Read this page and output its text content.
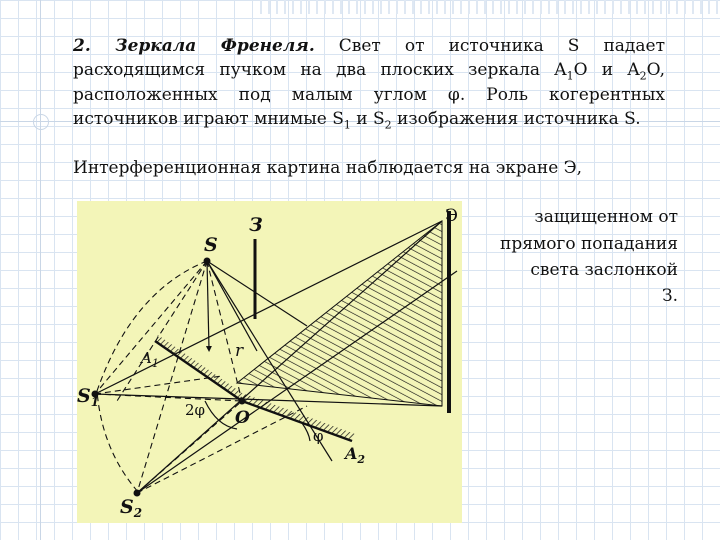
2. Зеркала Френеля. Свет от источника S падает расходящимся пучком на два плоских зеркала $A_1O$ и $A_2O$, расположенных под малым углом φ. Роль когерентных источников играют мнимые $S_1$ и $S_2$ изображения источника S.
Интерференционная картина наблюдается на экране Э,
защищенном от
прямого попадания
света заслонкой
З.
S
З	Э
$A_1$
$S_1$
$S_2$
O
2φ
φ
r
$A_2$
